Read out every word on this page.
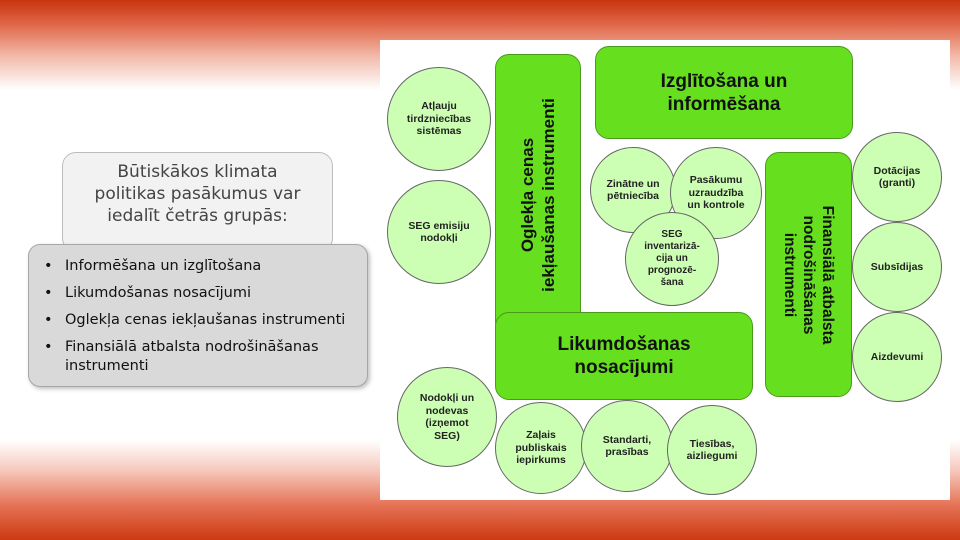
Būtiskākos klimata
politikas pasākumus var
iedalīt četrās grupās:
• Informēšana un izglītošana
• Likumdošanas nosacījumi
• Oglekļa cenas iekļaušanas instrumenti
• Finansiālā atbalsta nodrošināšanas instrumenti
Atļauju
tirdzniecības
sistēmas
SEG emisiju
nodokļi	Oglekļa cenas
iekļaušanas instrumenti
Izglītošana un
informēšana
Zinātne un
pētniecība
Pasākumu
uzraudzība
un kontrole
SEG
inventarizā-
cija un
prognozē-
šana
Finansiālā atbalsta
nodrošināšanas
instrumenti
Dotācijas
(granti)
Subsīdijas
Aizdevumi
Likumdošanas
nosacījumi
Nodokļi un
nodevas
(izņemot
SEG)	Zaļais
publiskais
iepirkums
Standarti,
prasības
Tiesības,
aizliegumi
